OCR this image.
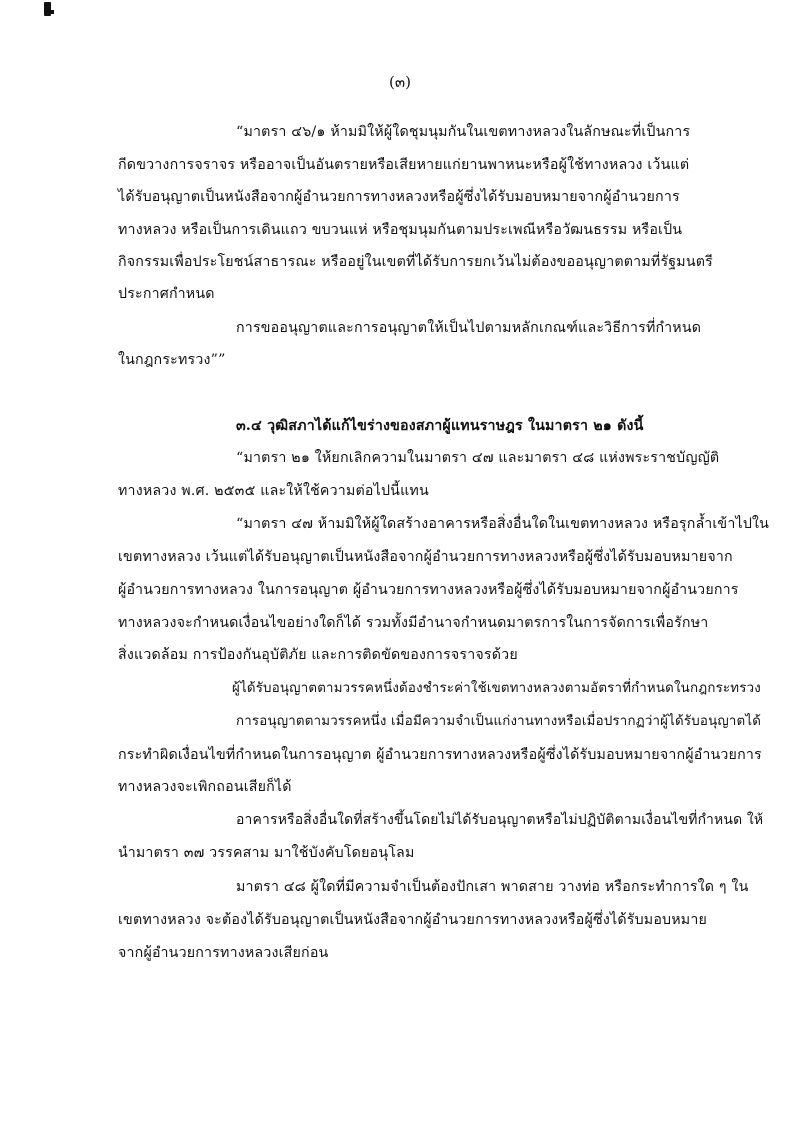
(๓)
“มาตรา ๔๖/๑ ห้ามมิให้ผู้ใดชุมนุมกันในเขตทางหลวงในลักษณะที่เป็นการ
กีดขวางการจราจร หรืออาจเป็นอันตรายหรือเสียหายแก่ยานพาหนะหรือผู้ใช้ทางหลวง เว้นแต่
ได้รับอนุญาตเป็นหนังสือจากผู้อำนวยการทางหลวงหรือผู้ซึ่งได้รับมอบหมายจากผู้อำนวยการ
ทางหลวง หรือเป็นการเดินแถว ขบวนแห่ หรือชุมนุมกันตามประเพณีหรือวัฒนธรรม หรือเป็น
กิจกรรมเพื่อประโยชน์สาธารณะ หรืออยู่ในเขตที่ได้รับการยกเว้นไม่ต้องขออนุญาตตามที่รัฐมนตรี
ประกาศกำหนด
การขออนุญาตและการอนุญาตให้เป็นไปตามหลักเกณฑ์และวิธีการที่กำหนด
ในกฎกระทรวง””
๓.๔ วุฒิสภาได้แก้ไขร่างของสภาผู้แทนราษฎร ในมาตรา ๒๑ ดังนี้
“มาตรา ๒๑ ให้ยกเลิกความในมาตรา ๔๗ และมาตรา ๔๘ แห่งพระราชบัญญัติ
ทางหลวง พ.ศ. ๒๕๓๕ และให้ใช้ความต่อไปนี้แทน
“มาตรา ๔๗ ห้ามมิให้ผู้ใดสร้างอาคารหรือสิ่งอื่นใดในเขตทางหลวง หรือรุกล้ำเข้าไปใน
เขตทางหลวง เว้นแต่ได้รับอนุญาตเป็นหนังสือจากผู้อำนวยการทางหลวงหรือผู้ซึ่งได้รับมอบหมายจาก
ผู้อำนวยการทางหลวง ในการอนุญาต ผู้อำนวยการทางหลวงหรือผู้ซึ่งได้รับมอบหมายจากผู้อำนวยการ
ทางหลวงจะกำหนดเงื่อนไขอย่างใดก็ได้ รวมทั้งมีอำนาจกำหนดมาตรการในการจัดการเพื่อรักษา
สิ่งแวดล้อม การป้องกันอุบัติภัย และการติดขัดของการจราจรด้วย
ผู้ได้รับอนุญาตตามวรรคหนึ่งต้องชำระค่าใช้เขตทางหลวงตามอัตราที่กำหนดในกฎกระทรวง
การอนุญาตตามวรรคหนึ่ง เมื่อมีความจำเป็นแก่งานทางหรือเมื่อปรากฏว่าผู้ได้รับอนุญาตได้
กระทำผิดเงื่อนไขที่กำหนดในการอนุญาต ผู้อำนวยการทางหลวงหรือผู้ซึ่งได้รับมอบหมายจากผู้อำนวยการ
ทางหลวงจะเพิกถอนเสียก็ได้
อาคารหรือสิ่งอื่นใดที่สร้างขึ้นโดยไม่ได้รับอนุญาตหรือไม่ปฏิบัติตามเงื่อนไขที่กำหนด ให้
นำมาตรา ๓๗ วรรคสาม มาใช้บังคับโดยอนุโลม
มาตรา ๔๘ ผู้ใดที่มีความจำเป็นต้องปักเสา พาดสาย วางท่อ หรือกระทำการใด ๆ ใน
เขตทางหลวง จะต้องได้รับอนุญาตเป็นหนังสือจากผู้อำนวยการทางหลวงหรือผู้ซึ่งได้รับมอบหมาย
จากผู้อำนวยการทางหลวงเสียก่อน
